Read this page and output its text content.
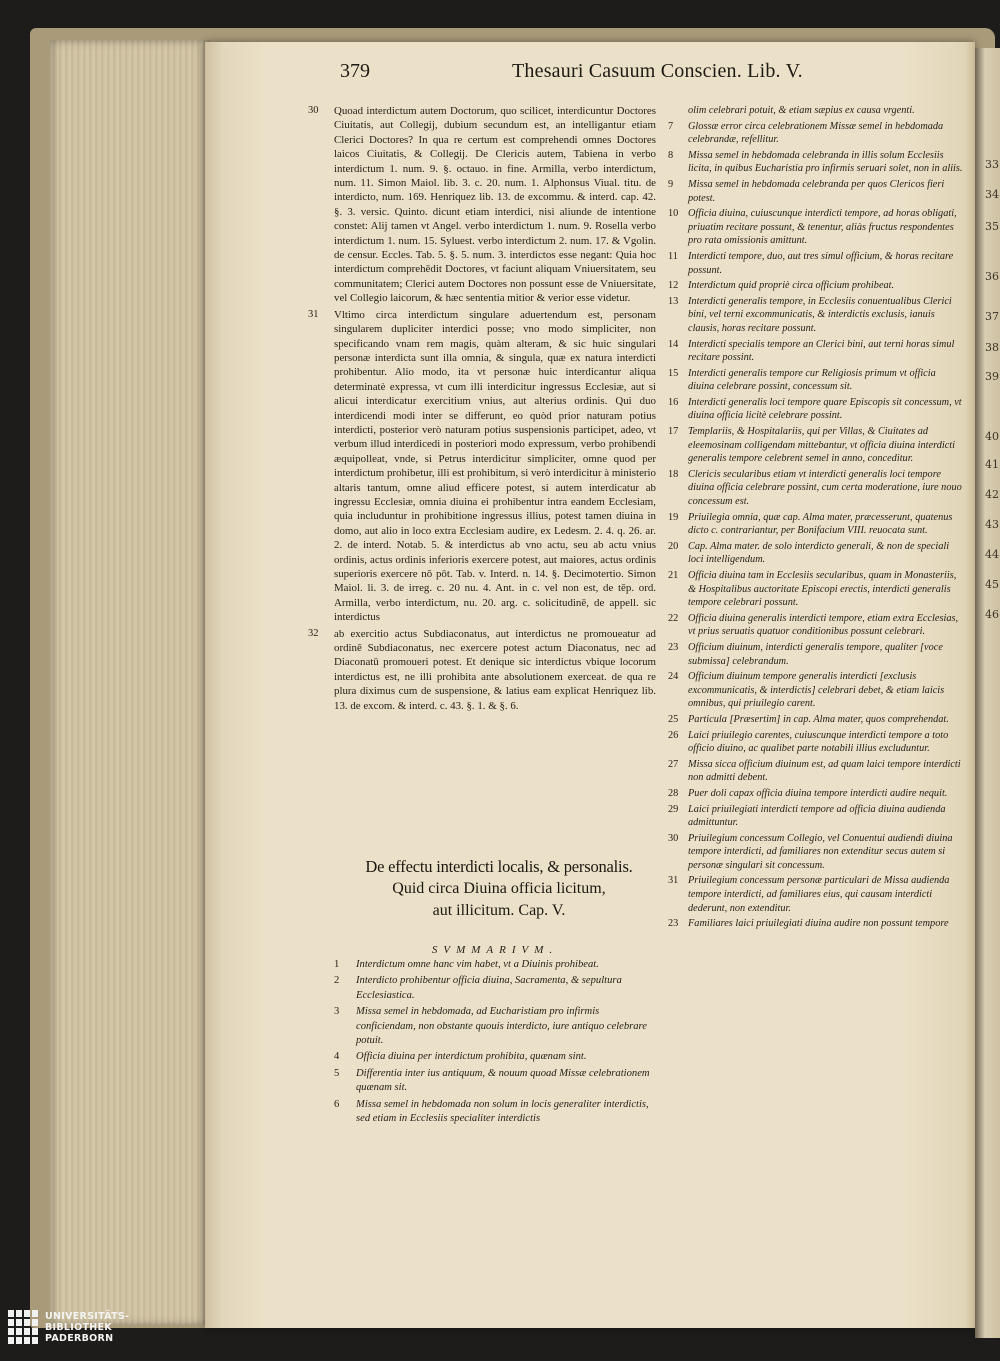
33
34
35
36
37
38
39
40
41
42
43
44
45
46
379	Thesauri Casuum Conscien. Lib. V.
30 Quoad interdictum autem Doctorum, quo scilicet, interdicuntur Doctores Ciuitatis, aut Collegij, dubium secundum est, an intelligantur etiam Clerici Doctores? In qua re certum est comprehendi omnes Doctores laicos Ciuitatis, & Collegij. De Clericis autem, Tabiena in verbo interdictum 1. num. 9. §. octauo. in fine. Armilla, verbo interdictum, num. 11. Simon Maiol. lib. 3. c. 20. num. 1. Alphonsus Viual. titu. de interdicto, num. 169. Henriquez lib. 13. de excommu. & interd. cap. 42. §. 3. versic. Quinto. dicunt etiam interdici, nisi aliunde de intentione constet: Alij tamen vt Angel. verbo interdictum 1. num. 9. Rosella verbo interdictum 1. num. 15. Syluest. verbo interdictum 2. num. 17. & Vgolin. de censur. Eccles. Tab. 5. §. 5. num. 3. interdictos esse negant: Quia hoc interdictum comprehēdit Doctores, vt faciunt aliquam Vniuersitatem, seu communitatem; Clerici autem Doctores non possunt esse de Vniuersitate, vel Collegio laicorum, & hæc sententia mitior & verior esse videtur.

31 Vltimo circa interdictum singulare aduertendum est, personam singularem dupliciter interdici posse; vno modo simpliciter, non specificando vnam rem magis, quàm alteram, & sic huic singulari personæ interdicta sunt illa omnia, & singula, quæ ex natura interdicti prohibentur. Alio modo, ita vt personæ huic interdicantur aliqua determinatè expressa, vt cum illi interdicitur ingressus Ecclesiæ, aut si alicui interdicatur exercitium vnius, aut alterius ordinis. Qui duo interdicendi modi inter se differunt, eo quòd prior naturam potius interdicti, posterior verò naturam potius suspensionis participet, adeo, vt verbum illud interdicedi in posteriori modo expressum, verbo prohibendi æquipolleat, vnde, si Petrus interdicitur simpliciter, omne quod per interdictum prohibetur, illi est prohibitum, si verò interdicitur à ministerio altaris tantum, omne aliud efficere potest, si autem interdicatur ab ingressu Ecclesiæ, omnia diuina ei prohibentur intra eandem Ecclesiam, quia includuntur in prohibitione ingressus illius, potest tamen diuina in domo, aut alio in loco extra Ecclesiam audire, ex Ledesm. 2. 4. q. 26. ar. 2. de interd. Notab. 5. & interdictus ab vno actu, seu ab actu vnius ordinis, actus ordinis inferioris exercere potest, aut maiores, actus ordinis superioris exercere nō pōt. Tab. v. Interd. n. 14. §. Decimotertio. Simon Maiol. li. 3. de irreg. c. 20 nu. 4. Ant. in c. vel non est, de tēp. ord. Armilla, verbo interdictum, nu. 20. arg. c. solicitudinē, de appell. sic interdictus

32 ab exercitio actus Subdiaconatus, aut interdictus ne promoueatur ad ordinē Subdiaconatus, nec exercere potest actum Diaconatus, nec ad Diaconatū promoueri potest. Et denique sic interdictus vbique locorum interdictus est, ne illi prohibita ante absolutionem exerceat. de qua re plura diximus cum de suspensione, & latius eam explicat Henriquez lib. 13. de excom. & interd. c. 43. §. 1. & §. 6.

De effectu interdicti localis, & personalis.
Quid circa Diuina officia licitum,
aut illicitum. Cap. V.
SVMMARIVM.
1 Interdictum omne hanc vim habet, vt a Diuinis prohibeat.
2 Interdicto prohibentur officia diuina, Sacramenta, & sepultura Ecclesiastica.
3 Missa semel in hebdomada, ad Eucharistiam pro infirmis conficiendam, non obstante quouis interdicto, iure antiquo celebrare potuit.
4 Officia diuina per interdictum prohibita, quænam sint.
5 Differentia inter ius antiquum, & nouum quoad Missæ celebrationem quænam sit.
6 Missa semel in hebdomada non solum in locis generaliter interdictis, sed etiam in Ecclesiis specialiter interdictis
olim celebrari potuit, & etiam sæpius ex causa vrgenti.
7 Glossæ error circa celebrationem Missæ semel in hebdomada celebrandæ, refellitur.
8 Missa semel in hebdomada celebranda in illis solum Ecclesiis licita, in quibus Eucharistia pro infirmis seruari solet, non in aliis.
9 Missa semel in hebdomada celebranda per quos Clericos fieri potest.
10 Officia diuina, cuiuscunque interdicti tempore, ad horas obligati, priuatim recitare possunt, & tenentur, aliàs fructus respondentes pro rata omissionis amittunt.
11 Interdicti tempore, duo, aut tres simul officium, & horas recitare possunt.
12 Interdictum quid propriè circa officium prohibeat.
13 Interdicti generalis tempore, in Ecclesiis conuentualibus Clerici bini, vel terni excommunicatis, & interdictis exclusis, ianuis clausis, horas recitare possunt.
14 Interdicti specialis tempore an Clerici bini, aut terni horas simul recitare possint.
15 Interdicti generalis tempore cur Religiosis primum vt officia diuina celebrare possint, concessum sit.
16 Interdicti generalis loci tempore quare Episcopis sit concessum, vt diuina officia licitè celebrare possint.
17 Templariis, & Hospitalariis, qui per Villas, & Ciuitates ad eleemosinam colligendam mittebantur, vt officia diuina interdicti generalis tempore celebrent semel in anno, conceditur.
18 Clericis secularibus etiam vt interdicti generalis loci tempore diuina officia celebrare possint, cum certa moderatione, iure nouo concessum est.
19 Priuilegia omnia, quæ cap. Alma mater, præcesserunt, quatenus dicto c. contrariantur, per Bonifacium VIII. reuocata sunt.
20 Cap. Alma mater. de solo interdicto generali, & non de speciali loci intelligendum.
21 Officia diuina tam in Ecclesiis secularibus, quam in Monasteriis, & Hospitalibus auctoritate Episcopi erectis, interdicti generalis tempore celebrari possunt.
22 Officia diuina generalis interdicti tempore, etiam extra Ecclesias, vt prius seruatis quatuor conditionibus possunt celebrari.
23 Officium diuinum, interdicti generalis tempore, qualiter [voce submissa] celebrandum.
24 Officium diuinum tempore generalis interdicti [exclusis excommunicatis, & interdictis] celebrari debet, & etiam laicis omnibus, qui priuilegio carent.
25 Particula [Præsertim] in cap. Alma mater, quos comprehendat.
26 Laici priuilegio carentes, cuiuscunque interdicti tempore a toto officio diuino, ac qualibet parte notabili illius excluduntur.
27 Missa sicca officium diuinum est, ad quam laici tempore interdicti non admitti debent.
28 Puer doli capax officia diuina tempore interdicti audire nequit.
29 Laici priuilegiati interdicti tempore ad officia diuina audienda admittuntur.
30 Priuilegium concessum Collegio, vel Conuentui audiendi diuina tempore interdicti, ad familiares non extenditur secus autem si personæ singulari sit concessum.
31 Priuilegium concessum personæ particulari de Missa audienda tempore interdicti, ad familiares eius, qui causam interdicti dederunt, non extenditur.
23 Familiares laici priuilegiati diuina audire non possunt tempore
UNIVERSITÄTS-
BIBLIOTHEK
PADERBORN
